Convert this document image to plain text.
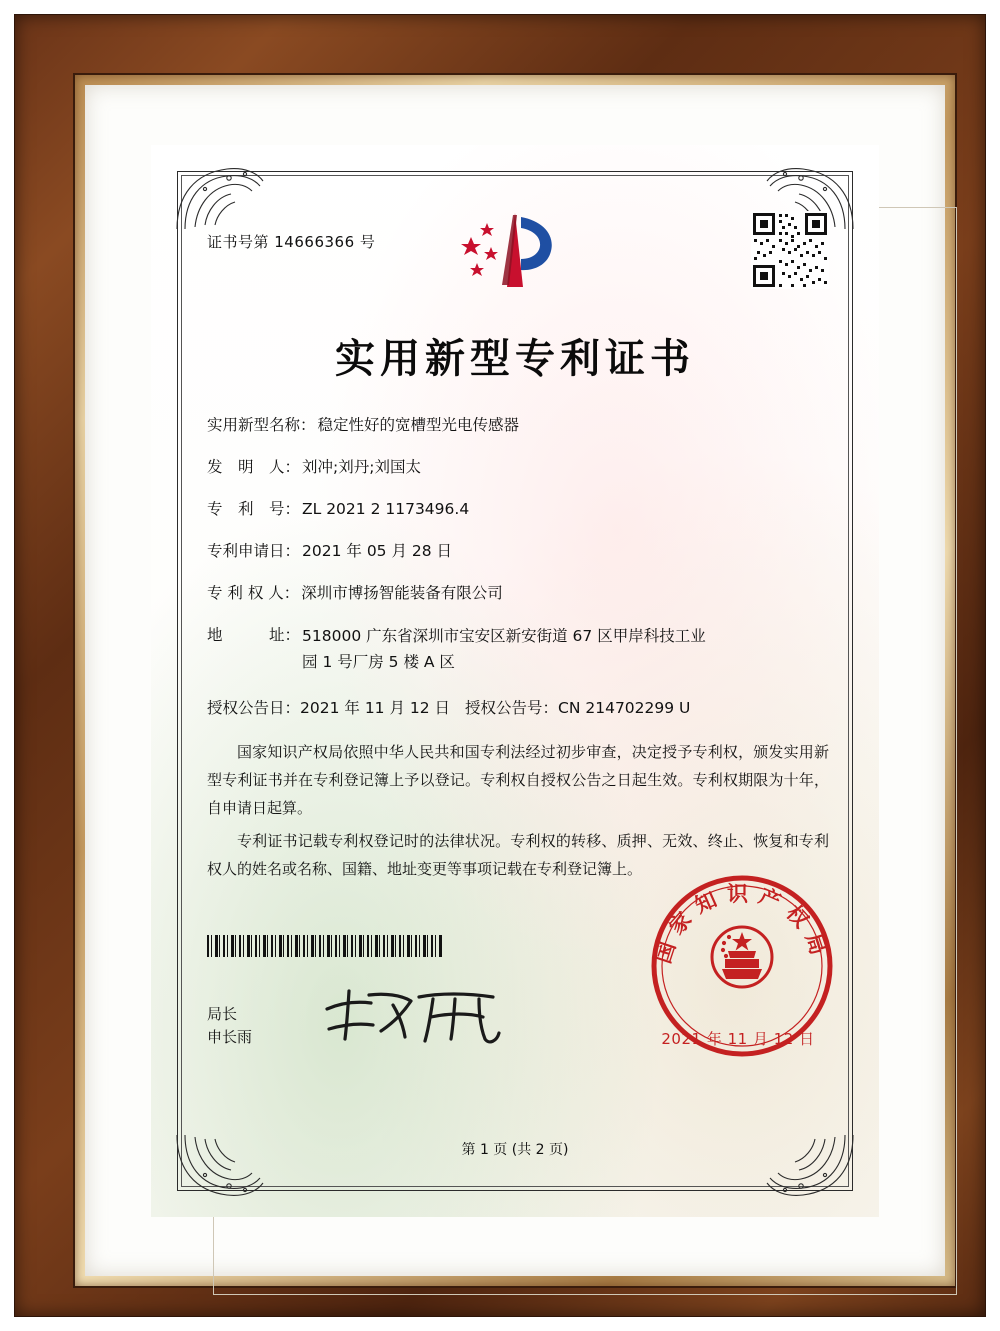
证书号第 14666366 号
实用新型专利证书
实用新型名称： 稳定性好的宽槽型光电传感器
发　明　人： 刘冲;刘丹;刘国太
专　利　号： ZL 2021 2 1173496.4
专利申请日： 2021 年 05 月 28 日
专 利 权 人： 深圳市博扬智能装备有限公司
地　　　址： 518000 广东省深圳市宝安区新安街道 67 区甲岸科技工业
园 1 号厂房 5 楼 A 区
授权公告日：2021 年 11 月 12 日 授权公告号：CN 214702299 U

国家知识产权局依照中华人民共和国专利法经过初步审查，决定授予专利权，颁发实用新型专利证书并在专利登记簿上予以登记。专利权自授权公告之日起生效。专利权期限为十年，自申请日起算。

专利证书记载专利权登记时的法律状况。专利权的转移、质押、无效、终止、恢复和专利权人的姓名或名称、国籍、地址变更等事项记载在专利登记簿上。

局长
申长雨
国家知识产权局
2021 年 11 月 12 日
第 1 页 (共 2 页)
